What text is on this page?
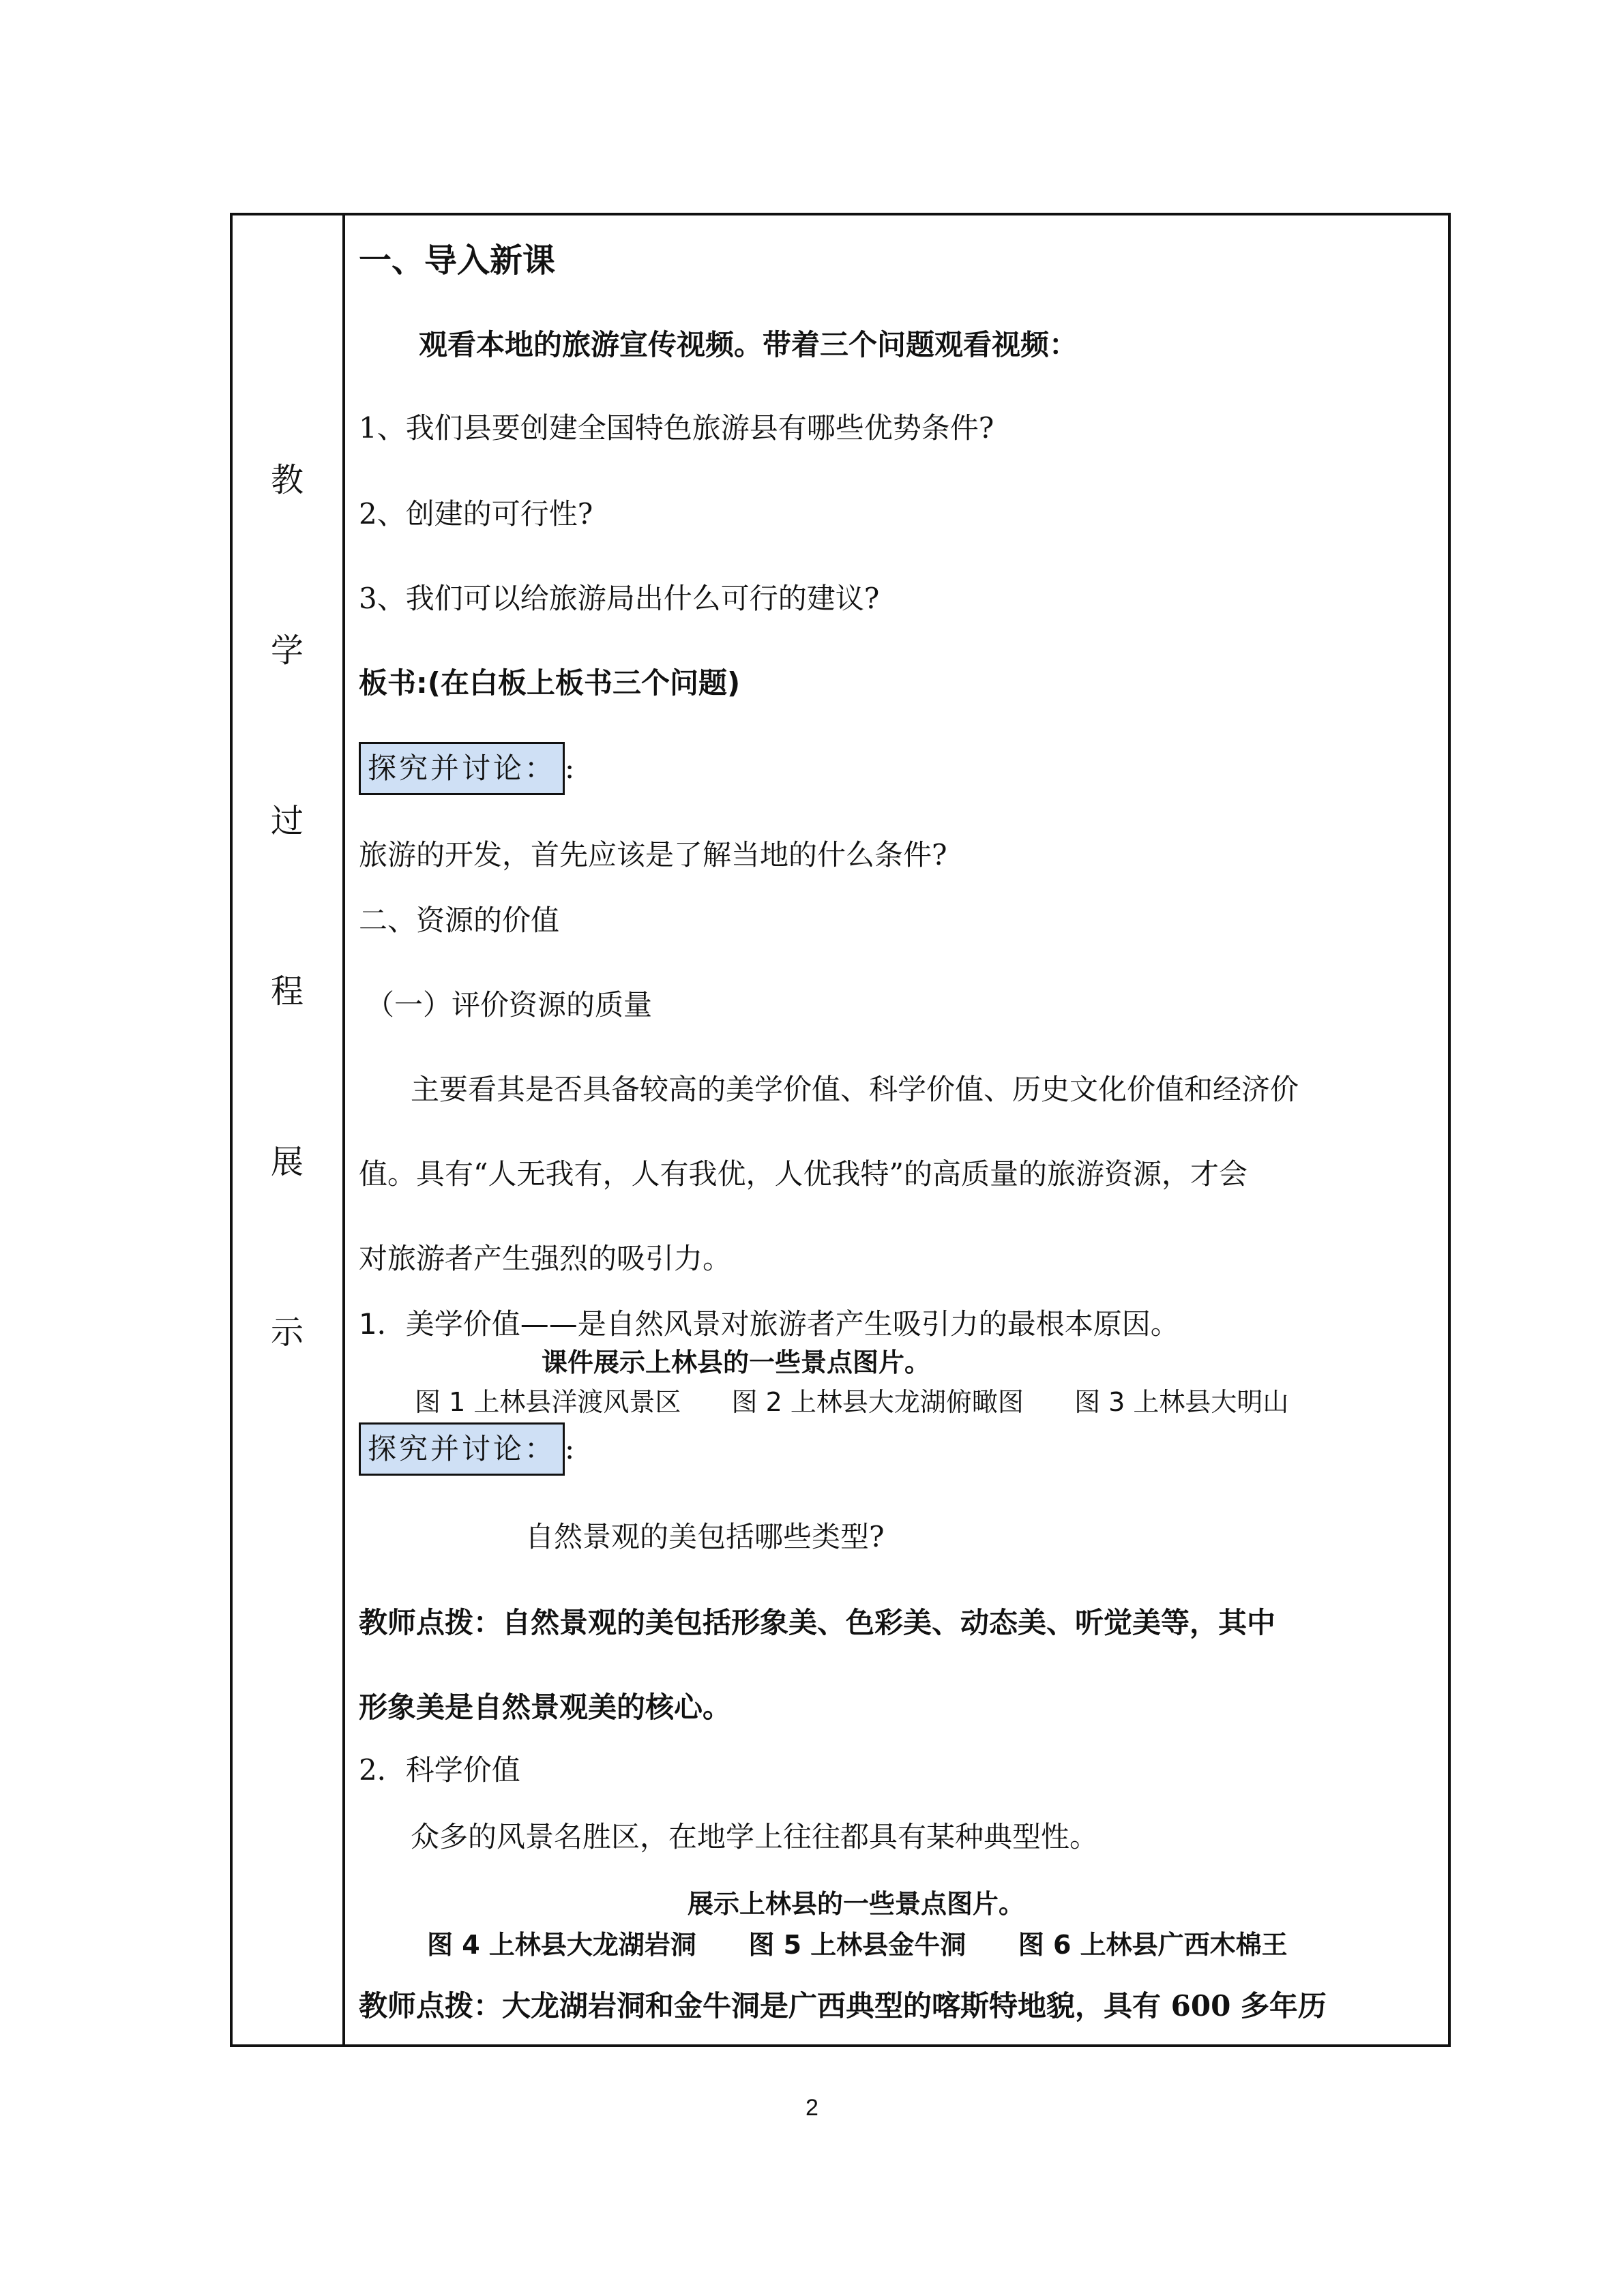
教
学
过
程
展
示
一、导入新课
观看本地的旅游宣传视频。带着三个问题观看视频：
1、我们县要创建全国特色旅游县有哪些优势条件?
2、创建的可行性?
3、我们可以给旅游局出什么可行的建议?
板书:(在白板上板书三个问题)
探究并讨论： :
旅游的开发，首先应该是了解当地的什么条件?
二、资源的价值
（一）评价资源的质量
主要看其是否具备较高的美学价值、科学价值、历史文化价值和经济价
值。具有“人无我有，人有我优，人优我特”的高质量的旅游资源，才会
对旅游者产生强烈的吸引力。
1．美学价值——是自然风景对旅游者产生吸引力的最根本原因。
课件展示上林县的一些景点图片。
图 1 上林县洋渡风景区 图 2 上林县大龙湖俯瞰图 图 3 上林县大明山
探究并讨论： :
自然景观的美包括哪些类型?
教师点拨：自然景观的美包括形象美、色彩美、动态美、听觉美等，其中
形象美是自然景观美的核心。
2．科学价值
众多的风景名胜区，在地学上往往都具有某种典型性。
展示上林县的一些景点图片。
图 4 上林县大龙湖岩洞 图 5 上林县金牛洞 图 6 上林县广西木棉王
教师点拨：大龙湖岩洞和金牛洞是广西典型的喀斯特地貌，具有 600 多年历
2
